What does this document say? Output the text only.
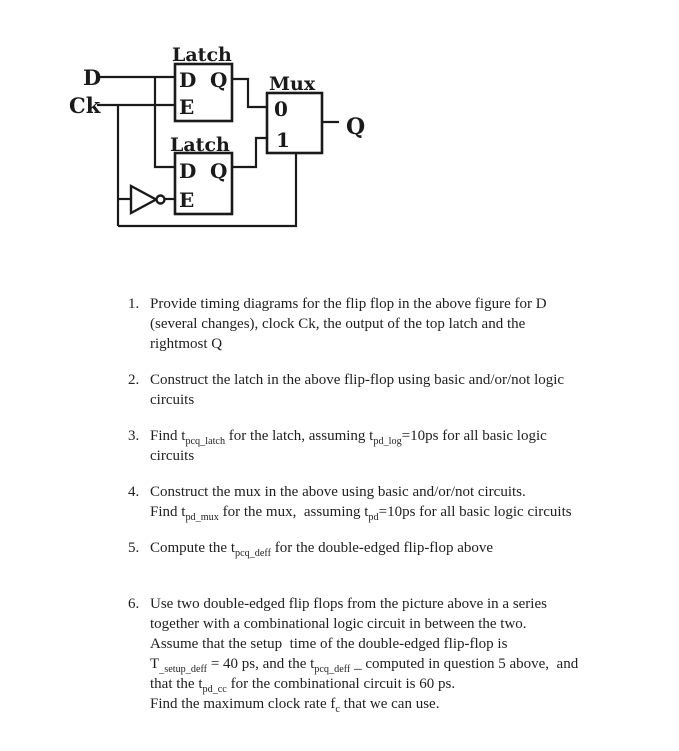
Latch
Latch
Mux
D Q
E
D Q
E
0
1
D
Ck
Q
1. Provide timing diagrams for the flip flop in the above figure for D
(several changes), clock Ck, the output of the top latch and the
rightmost Q
2. Construct the latch in the above flip-flop using basic and/or/not logic
circuits
3. Find $t_{pcq\_latch}$ for the latch, assuming $t_{pd\_log}=10ps$ for all basic logic
circuits
4. Construct the mux in the above using basic and/or/not circuits.
Find $t_{pd\_mux}$ for the mux,  assuming $t_{pd}=10ps$ for all basic logic circuits
5. Compute the $t_{pcq\_deff}$ for the double-edged flip-flop above
6. Use two double-edged flip flops from the picture above in a series
together with a combinational logic circuit in between the two.
Assume that the setup  time of the double-edged flip-flop is
$T_{\_setup\_deff} = 40$ ps, and the $t_{pcq\_deff}$ _ computed in question 5 above,  and
that the $t_{pd\_cc}$ for the combinational circuit is 60 ps.
Find the maximum clock rate $f_c$ that we can use.
